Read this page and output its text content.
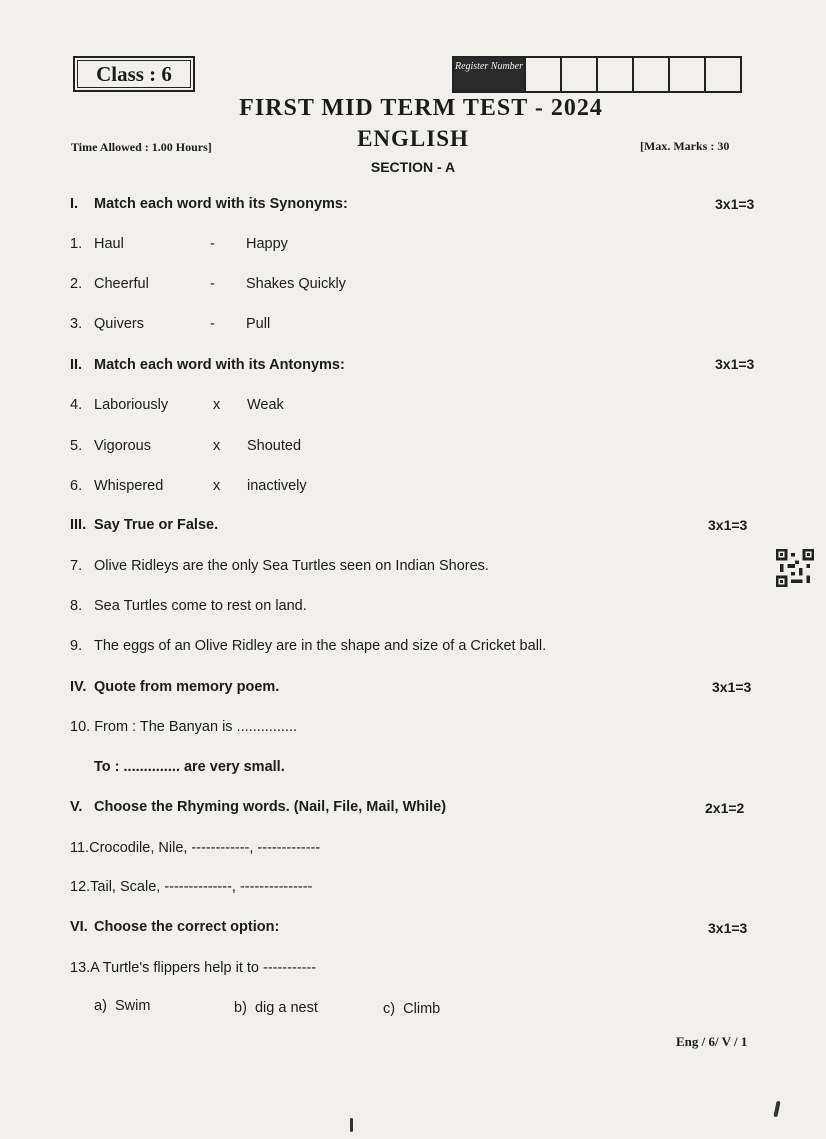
Class : 6	Register Number
FIRST MID TERM TEST - 2024
ENGLISH
SECTION - A
Time Allowed : 1.00 Hours]	[Max. Marks : 30
I. Match each word with its Synonyms:	3x1=3
1. Haul	- Happy
2. Cheerful	- Shakes Quickly
3. Quivers	- Pull
II. Match each word with its Antonyms:	3x1=3
4. Laboriously	x Weak
5. Vigorous	x Shouted
6. Whispered	x inactively
III. Say True or False.	3x1=3
7. Olive Ridleys are the only Sea Turtles seen on Indian Shores.
8. Sea Turtles come to rest on land.
9. The eggs of an Olive Ridley are in the shape and size of a Cricket ball.
IV. Quote from memory poem.	3x1=3
10. From : The Banyan is ...............
To : .............. are very small.
V. Choose the Rhyming words. (Nail, File, Mail, While)	2x1=2
11.Crocodile, Nile, ------------, -------------
12.Tail, Scale, --------------, ---------------
VI. Choose the correct option:	3x1=3
13.A Turtle's flippers help it to -----------
a) Swim	b) dig a nest	c) Climb
Eng / 6/ V / 1
